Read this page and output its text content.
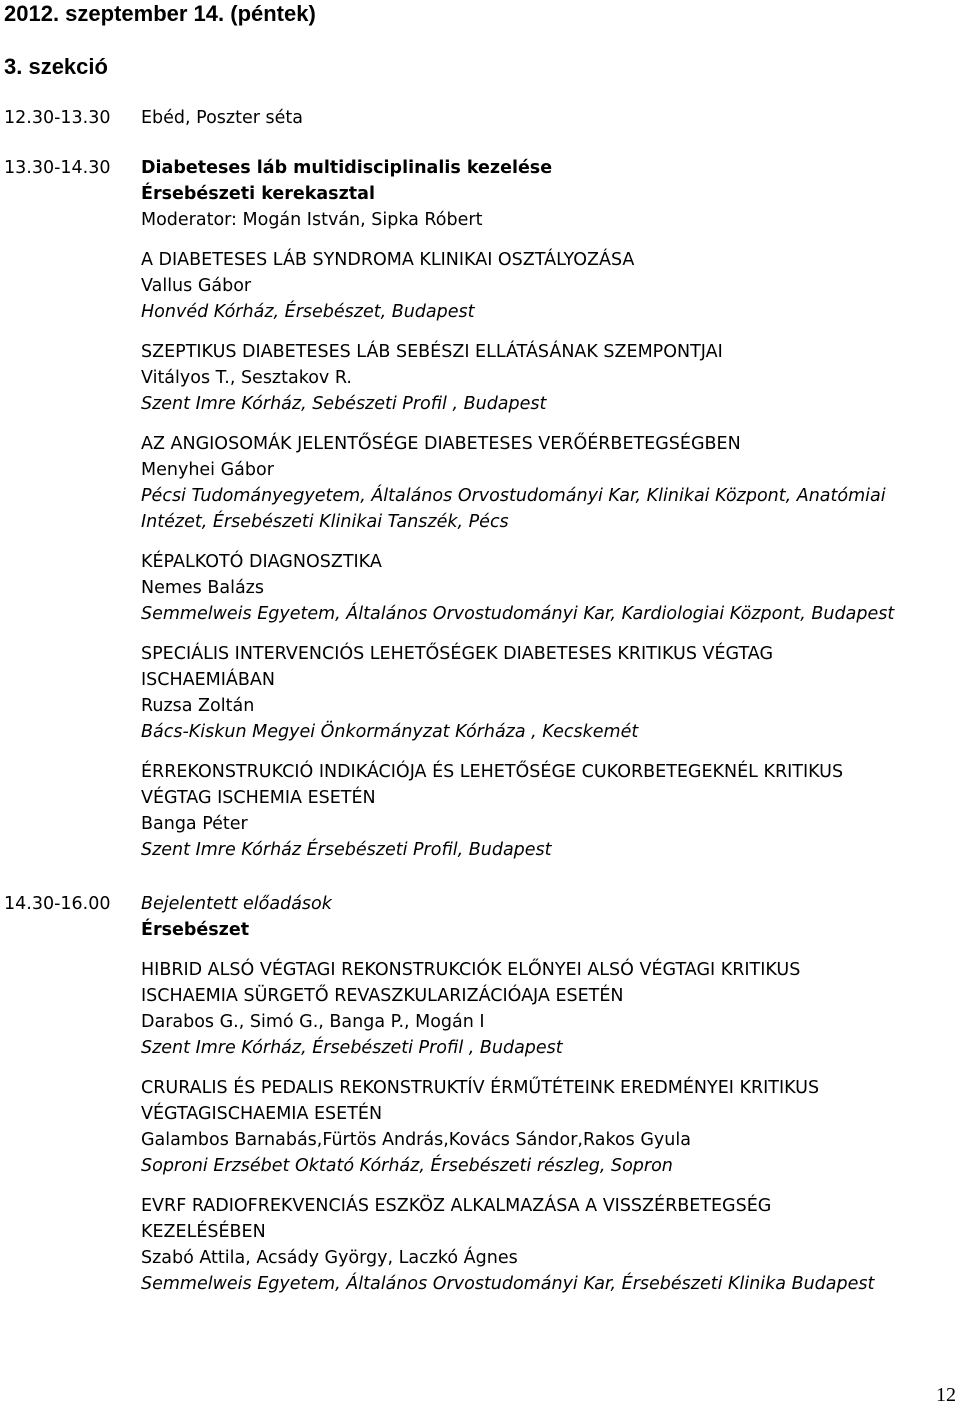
2012. szeptember 14. (péntek)
3. szekció
12.30-13.30 Ebéd, Poszter séta
13.30-14.30 Diabeteses láb multidisciplinalis kezelése
Érsebészeti kerekasztal
Moderator: Mogán István, Sipka Róbert
A DIABETESES LÁB SYNDROMA KLINIKAI OSZTÁLYOZÁSA
Vallus Gábor
Honvéd Kórház, Érsebészet, Budapest
SZEPTIKUS DIABETESES LÁB SEBÉSZI ELLÁTÁSÁNAK SZEMPONTJAI
Vitályos T., Sesztakov R.
Szent Imre Kórház, Sebészeti Profil , Budapest
AZ ANGIOSOMÁK JELENTŐSÉGE DIABETESES VERŐÉRBETEGSÉGBEN
Menyhei Gábor
Pécsi Tudományegyetem, Általános Orvostudományi Kar, Klinikai Központ, Anatómiai
Intézet, Érsebészeti Klinikai Tanszék, Pécs
KÉPALKOTÓ DIAGNOSZTIKA
Nemes Balázs
Semmelweis Egyetem, Általános Orvostudományi Kar, Kardiologiai Központ, Budapest
SPECIÁLIS INTERVENCIÓS LEHETŐSÉGEK DIABETESES KRITIKUS VÉGTAG
ISCHAEMIÁBAN
Ruzsa Zoltán
Bács-Kiskun Megyei Önkormányzat Kórháza , Kecskemét
ÉRREKONSTRUKCIÓ INDIKÁCIÓJA ÉS LEHETŐSÉGE CUKORBETEGEKNÉL KRITIKUS
VÉGTAG ISCHEMIA ESETÉN
Banga Péter
Szent Imre Kórház Érsebészeti Profil, Budapest
14.30-16.00 Bejelentett előadások
Érsebészet
HIBRID ALSÓ VÉGTAGI REKONSTRUKCIÓK ELŐNYEI ALSÓ VÉGTAGI KRITIKUS
ISCHAEMIA SÜRGETŐ REVASZKULARIZÁCIÓAJA ESETÉN
Darabos G., Simó G., Banga P., Mogán I
Szent Imre Kórház, Érsebészeti Profil , Budapest
CRURALIS ÉS PEDALIS REKONSTRUKTÍV ÉRMŰTÉTEINK EREDMÉNYEI KRITIKUS
VÉGTAGISCHAEMIA ESETÉN
Galambos Barnabás,Fürtös András,Kovács Sándor,Rakos Gyula
Soproni Erzsébet Oktató Kórház, Érsebészeti részleg, Sopron
EVRF RADIOFREKVENCIÁS ESZKÖZ ALKALMAZÁSA A VISSZÉRBETEGSÉG
KEZELÉSÉBEN
Szabó Attila, Acsády György, Laczkó Ágnes
Semmelweis Egyetem, Általános Orvostudományi Kar, Érsebészeti Klinika Budapest
12
